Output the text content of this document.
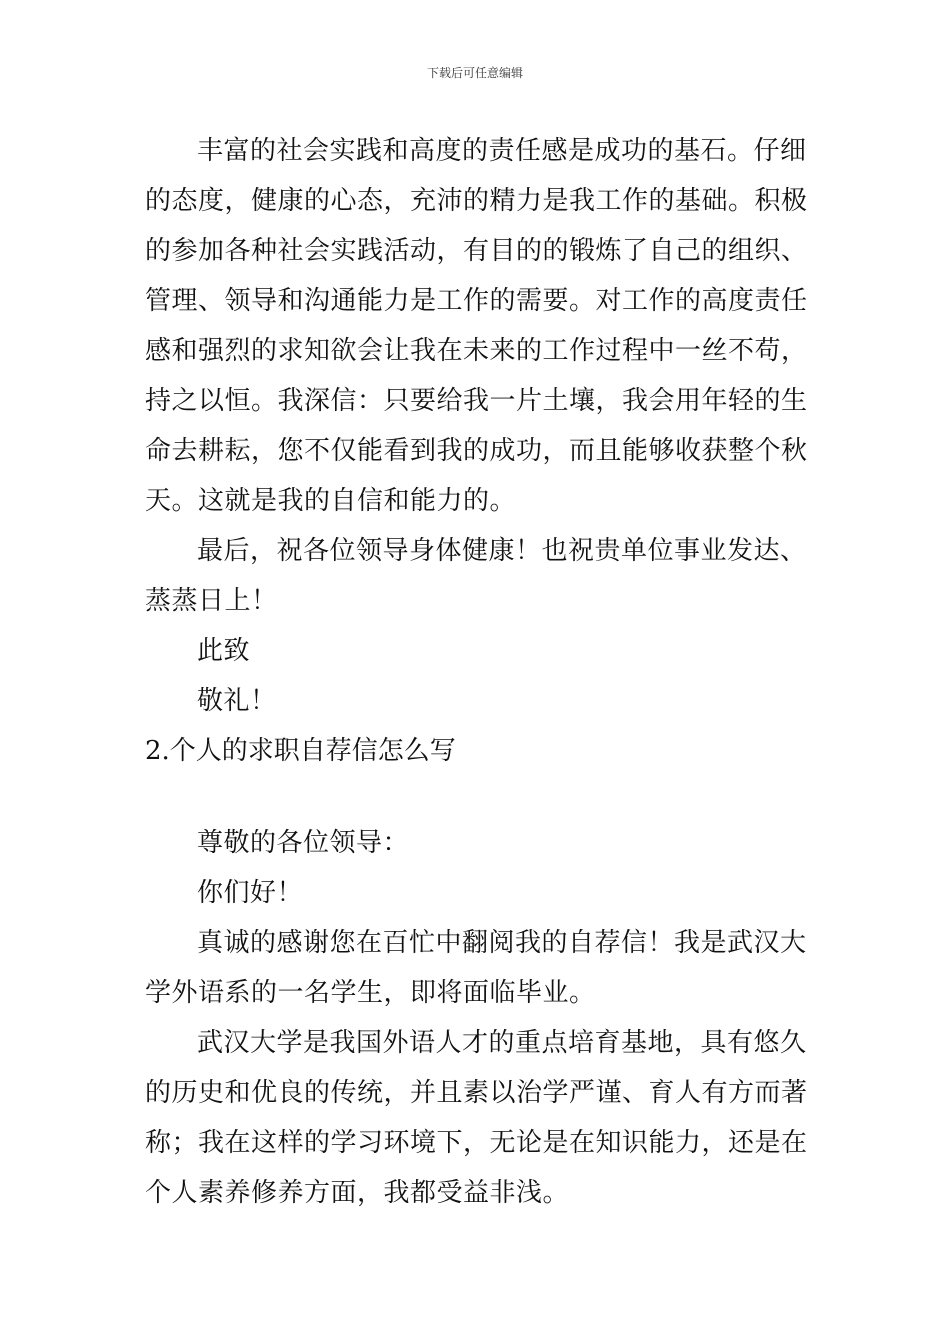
下载后可任意编辑
丰富的社会实践和高度的责任感是成功的基石。仔细
的态度，健康的心态，充沛的精力是我工作的基础。积极
的参加各种社会实践活动，有目的的锻炼了自己的组织、
管理、领导和沟通能力是工作的需要。对工作的高度责任
感和强烈的求知欲会让我在未来的工作过程中一丝不苟，
持之以恒。我深信：只要给我一片土壤，我会用年轻的生
命去耕耘，您不仅能看到我的成功，而且能够收获整个秋
天。这就是我的自信和能力的。
最后，祝各位领导身体健康！也祝贵单位事业发达、
蒸蒸日上！
此致
敬礼！
2.个人的求职自荐信怎么写
尊敬的各位领导：
你们好！
真诚的感谢您在百忙中翻阅我的自荐信！我是武汉大
学外语系的一名学生，即将面临毕业。
武汉大学是我国外语人才的重点培育基地，具有悠久
的历史和优良的传统，并且素以治学严谨、育人有方而著
称；我在这样的学习环境下，无论是在知识能力，还是在
个人素养修养方面，我都受益非浅。
